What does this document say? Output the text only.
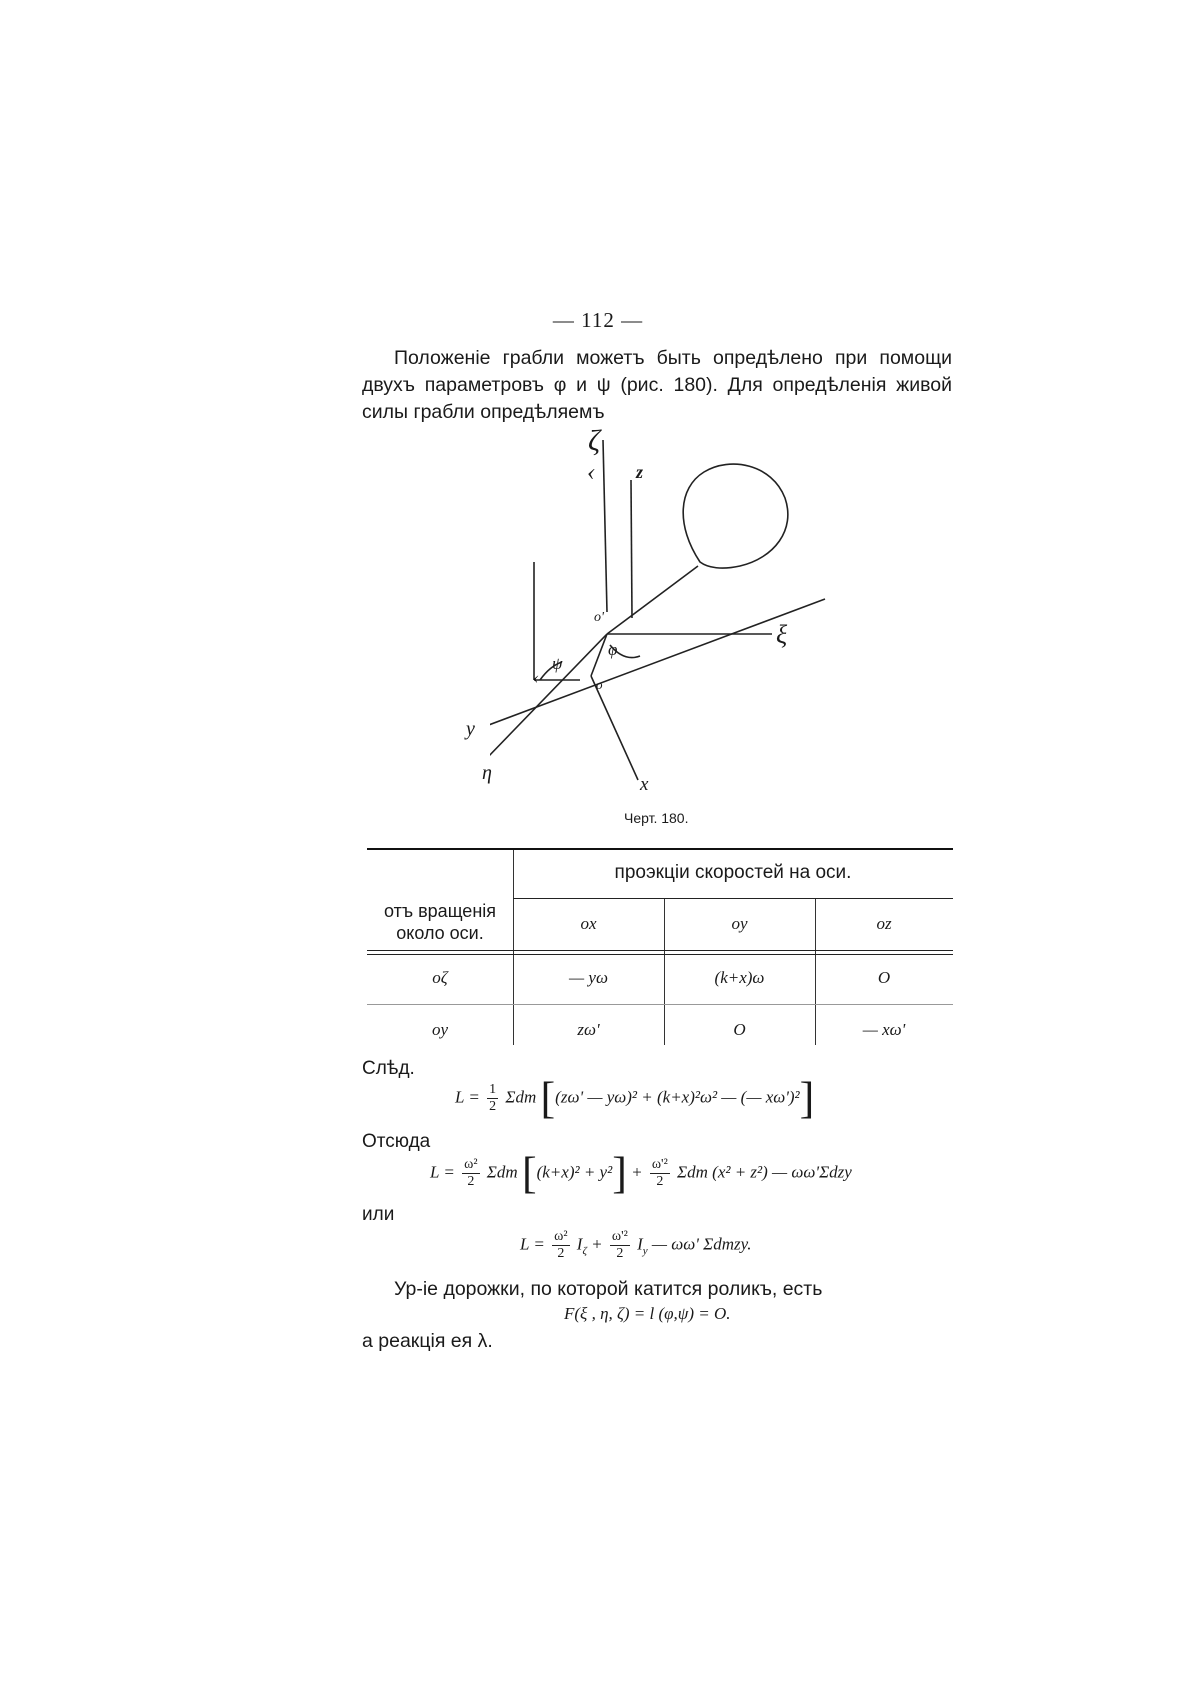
— 112 —
Положенiе грабли можетъ быть опредѣлено при помощи двухъ параметровъ φ и ψ (рис. 180). Для опредѣленiя живой силы грабли опредѣляемъ
‹
ζ
‹ z
ξ
o'
o
ψ
φ
y
η
x
Черт. 180.
отъ вращенiя около оси.
проэкцiи скоростей на оси.
ox	oy	oz
oζ	— yω	(k+x)ω	O
oy	zω'	O	— xω'
Слѣд.
$L = \frac{1}{2}$ Σdm [(zω' — yω)² + (k+x)²ω² — (— xω')²]
Отсюда
$L = \frac{\text{ω²}}{2}$ Σdm $[(k+x)^2 + y^2] + \frac{\text{ω'²}}{2}$ Σdm (x² + z²) — ωω'Σdzy
или
$L = \frac{\text{ω²}}{2} I_\zeta + \frac{\text{ω'²}}{2} I_y$ — ωω' Σdmzy.
Ур-iе дорожки, по которой катится роликъ, есть
F(ξ , η, ζ) = l (φ,ψ) = O.
а реакцiя ея λ.
